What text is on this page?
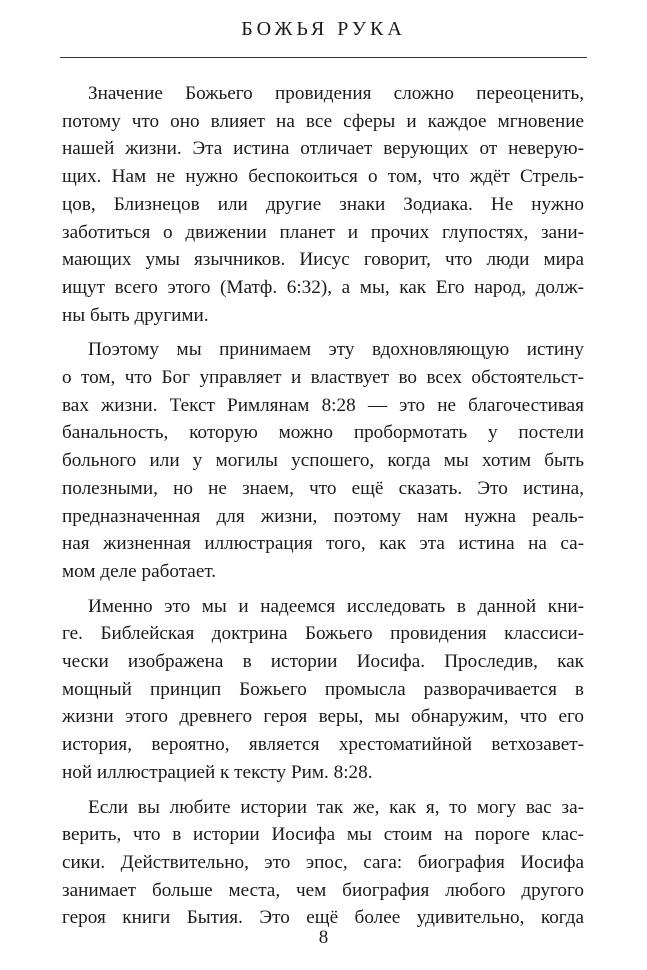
БОЖЬЯ РУКА

Значение Божьего провидения сложно переоценить,
потому что оно влияет на все сферы и каждое мгновение
нашей жизни. Эта истина отличает верующих от неверую-
щих. Нам не нужно беспокоиться о том, что ждёт Стрель-
цов, Близнецов или другие знаки Зодиака. Не нужно
заботиться о движении планет и прочих глупостях, зани-
мающих умы язычников. Иисус говорит, что люди мира
ищут всего этого (Матф. 6:32), а мы, как Его народ, долж-
ны быть другими.

Поэтому мы принимаем эту вдохновляющую истину
о том, что Бог управляет и властвует во всех обстоятельст-
вах жизни. Текст Римлянам 8:28 — это не благочестивая
банальность, которую можно пробормотать у постели
больного или у могилы успошего, когда мы хотим быть
полезными, но не знаем, что ещё сказать. Это истина,
предназначенная для жизни, поэтому нам нужна реаль-
ная жизненная иллюстрация того, как эта истина на са-
мом деле работает.

Именно это мы и надеемся исследовать в данной кни-
ге. Библейская доктрина Божьего провидения классиси-
чески изображена в истории Иосифа. Проследив, как
мощный принцип Божьего промысла разворачивается в
жизни этого древнего героя веры, мы обнаружим, что его
история, вероятно, является хрестоматийной ветхозавет-
ной иллюстрацией к тексту Рим. 8:28.

Если вы любите истории так же, как я, то могу вас за-
верить, что в истории Иосифа мы стоим на пороге клас-
сики. Действительно, это эпос, сага: биография Иосифа
занимает больше места, чем биография любого другого
героя книги Бытия. Это ещё более удивительно, когда

8
